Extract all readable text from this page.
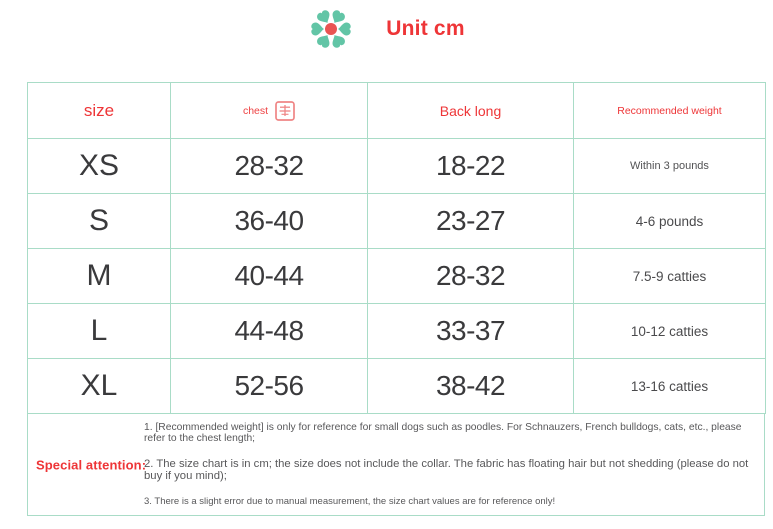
Unit cm
size	chest	Back long	Recommended weight
XS	28-32	18-22	Within 3 pounds
S	36-40	23-27	4-6 pounds
M	40-44	28-32	7.5-9 catties
L	44-48	33-37	10-12 catties
XL	52-56	38-42	13-16 catties
Special attention:
1. [Recommended weight] is only for reference for small dogs such as poodles. For Schnauzers, French bulldogs, cats, etc., please refer to the chest length;
2. The size chart is in cm; the size does not include the collar. The fabric has floating hair but not shedding (please do not buy if you mind);
3. There is a slight error due to manual measurement, the size chart values are for reference only!
